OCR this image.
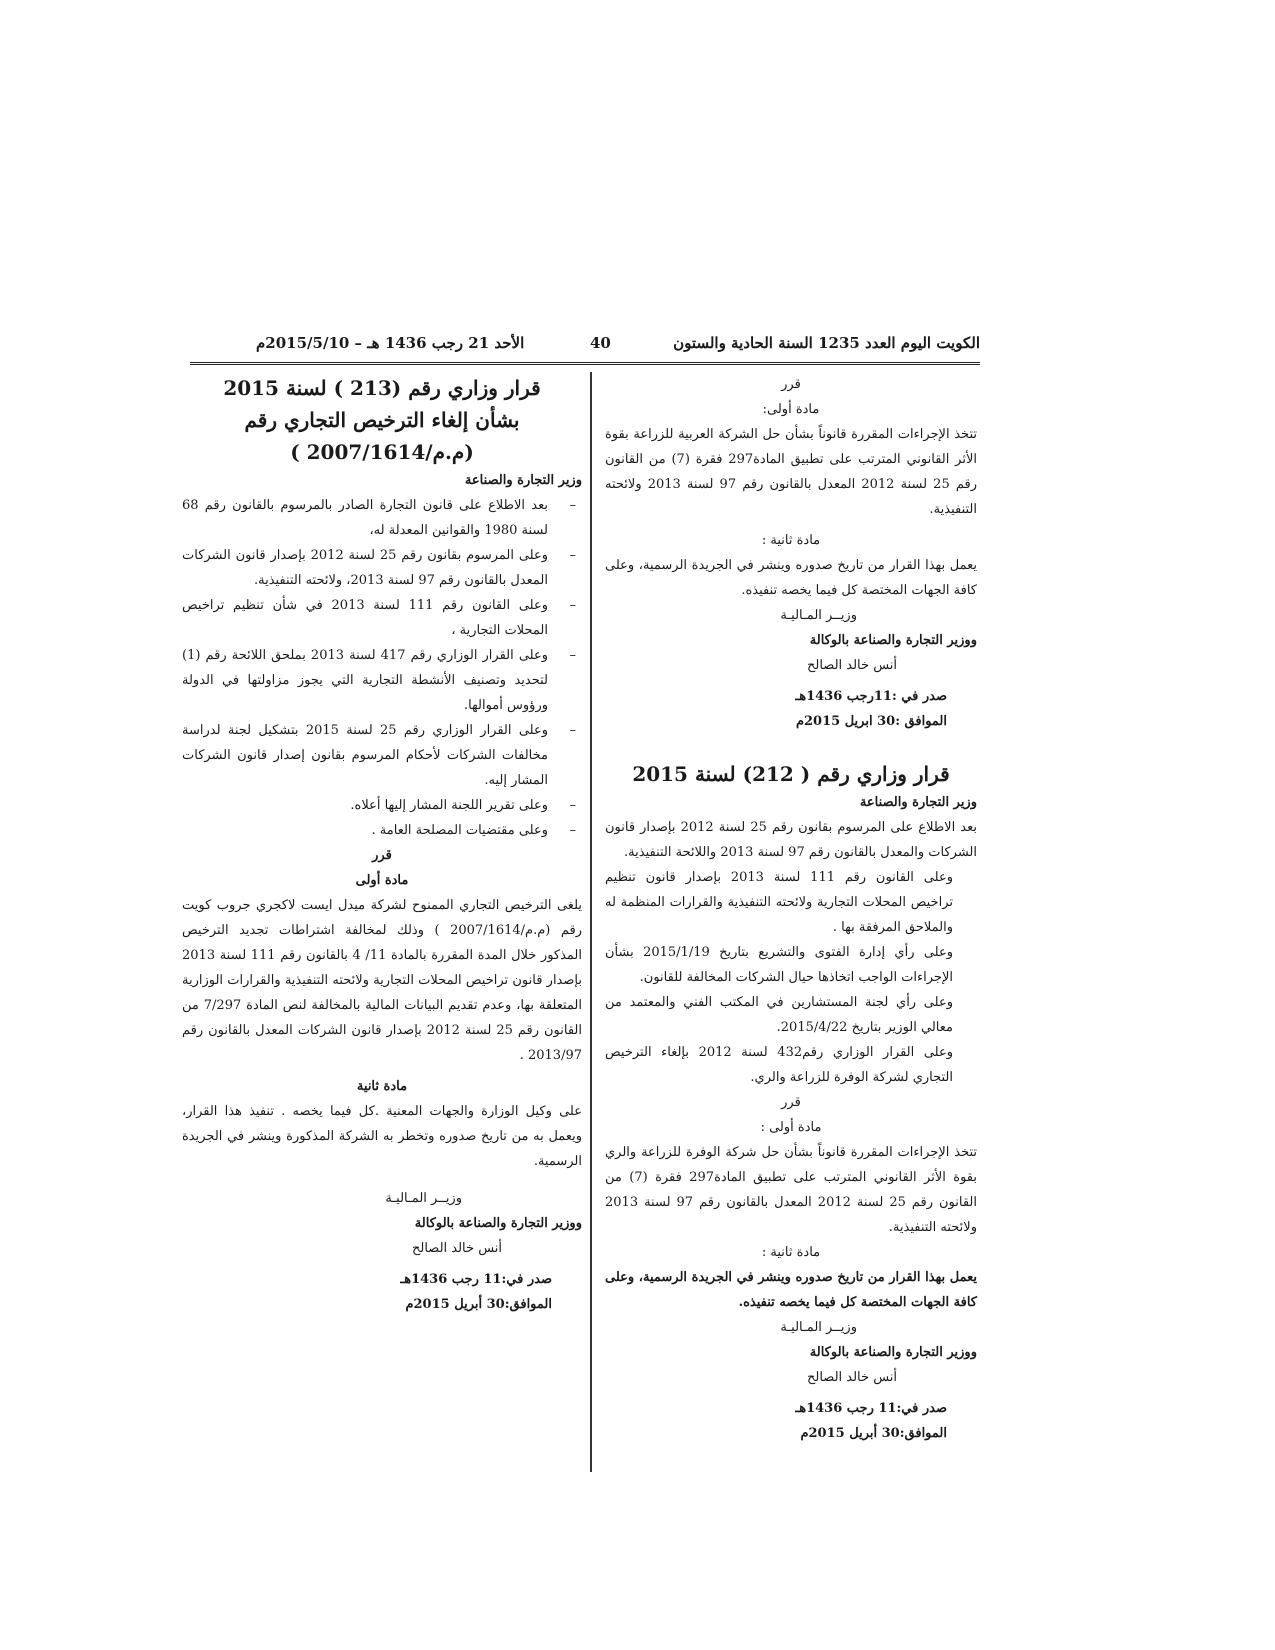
الأحد 21 رجب 1436 هـ – 2015/5/10م	40	الكويت اليوم العدد 1235 السنة الحادية والستون
قرر
مادة أولى:

تتخذ الإجراءات المقررة قانوناً بشأن حل الشركة العربية للزراعة بقوة الأثر القانوني المترتب على تطبيق المادة297 فقرة (7) من القانون رقم 25 لسنة 2012 المعدل بالقانون رقم 97 لسنة 2013 ولائحته التنفيذية.

مادة ثانية :

يعمل بهذا القرار من تاريخ صدوره وينشر في الجريدة الرسمية، وعلى كافة الجهات المختصة كل فيما يخصه تنفيذه.

وزيــر المـاليـة
ووزير التجارة والصناعة بالوكالة
أنس خالد الصالح
صدر في :11رجب 1436هـ
الموافق :30 ابريل 2015م
قرار وزاري رقم ( 212) لسنة 2015
وزير التجارة والصناعة

بعد الاطلاع على المرسوم بقانون رقم 25 لسنة 2012 بإصدار قانون الشركات والمعدل بالقانون رقم 97 لسنة 2013 واللائحة التنفيذية.

وعلى القانون رقم 111 لسنة 2013 بإصدار قانون تنظيم تراخيص المحلات التجارية ولائحته التنفيذية والقرارات المنظمة له والملاحق المرفقة بها .

وعلى رأي إدارة الفتوى والتشريع بتاريخ 2015/1/19 بشأن الإجراءات الواجب اتخاذها حيال الشركات المخالفة للقانون.

وعلى رأي لجنة المستشارين في المكتب الفني والمعتمد من معالي الوزير بتاريخ 2015/4/22.

وعلى القرار الوزاري رقم432 لسنة 2012 بإلغاء الترخيص التجاري لشركة الوفرة للزراعة والري.

قرر
مادة أولى :

تتخذ الإجراءات المقررة قانوناً بشأن حل شركة الوفرة للزراعة والري بقوة الأثر القانوني المترتب على تطبيق المادة297 فقرة (7) من القانون رقم 25 لسنة 2012 المعدل بالقانون رقم 97 لسنة 2013 ولائحته التنفيذية.

مادة ثانية :

يعمل بهذا القرار من تاريخ صدوره وينشر في الجريدة الرسمية، وعلى كافة الجهات المختصة كل فيما يخصه تنفيذه.

وزيــر المـاليـة
ووزير التجارة والصناعة بالوكالة
أنس خالد الصالح
صدر في:11 رجب 1436هـ
الموافق:30 أبريل 2015م
قرار وزاري رقم (213 ) لسنة 2015
بشأن إلغاء الترخيص التجاري رقم
(م.م/2007/1614 )
وزير التجارة والصناعة
– بعد الاطلاع على قانون التجارة الصادر بالمرسوم بالقانون رقم 68 لسنة 1980 والقوانين المعدلة له،
– وعلى المرسوم بقانون رقم 25 لسنة 2012 بإصدار قانون الشركات المعدل بالقانون رقم 97 لسنة 2013، ولائحته التنفيذية.
– وعلى القانون رقم 111 لسنة 2013 في شأن تنظيم تراخيص المحلات التجارية ،
– وعلى القرار الوزاري رقم 417 لسنة 2013 بملحق اللائحة رقم (1) لتحديد وتصنيف الأنشطة التجارية التي يجوز مزاولتها في الدولة ورؤوس أموالها.
– وعلى القرار الوزاري رقم 25 لسنة 2015 بتشكيل لجنة لدراسة مخالفات الشركات لأحكام المرسوم بقانون إصدار قانون الشركات المشار إليه.
– وعلى تقرير اللجنة المشار إليها أعلاه.
– وعلى مقتضيات المصلحة العامة .
قرر
مادة أولى

يلغى الترخيص التجاري الممنوح لشركة ميدل ايست لاكجري جروب كويت رقم (م.م/2007/1614 ) وذلك لمخالفة اشتراطات تجديد الترخيص المذكور خلال المدة المقررة بالمادة 11/ 4 بالقانون رقم 111 لسنة 2013 بإصدار قانون تراخيص المحلات التجارية ولائحته التنفيذية والقرارات الوزارية المتعلقة بها، وعدم تقديم البيانات المالية بالمخالفة لنص المادة 7/297 من القانون رقم 25 لسنة 2012 بإصدار قانون الشركات المعدل بالقانون رقم 2013/97 .

مادة ثانية

على وكيل الوزارة والجهات المعنية .كل فيما يخصه . تنفيذ هذا القرار، ويعمل به من تاريخ صدوره وتخطر به الشركة المذكورة وينشر في الجريدة الرسمية.

وزيــر المـاليـة
ووزير التجارة والصناعة بالوكالة
أنس خالد الصالح
صدر في:11 رجب 1436هـ
الموافق:30 أبريل 2015م
